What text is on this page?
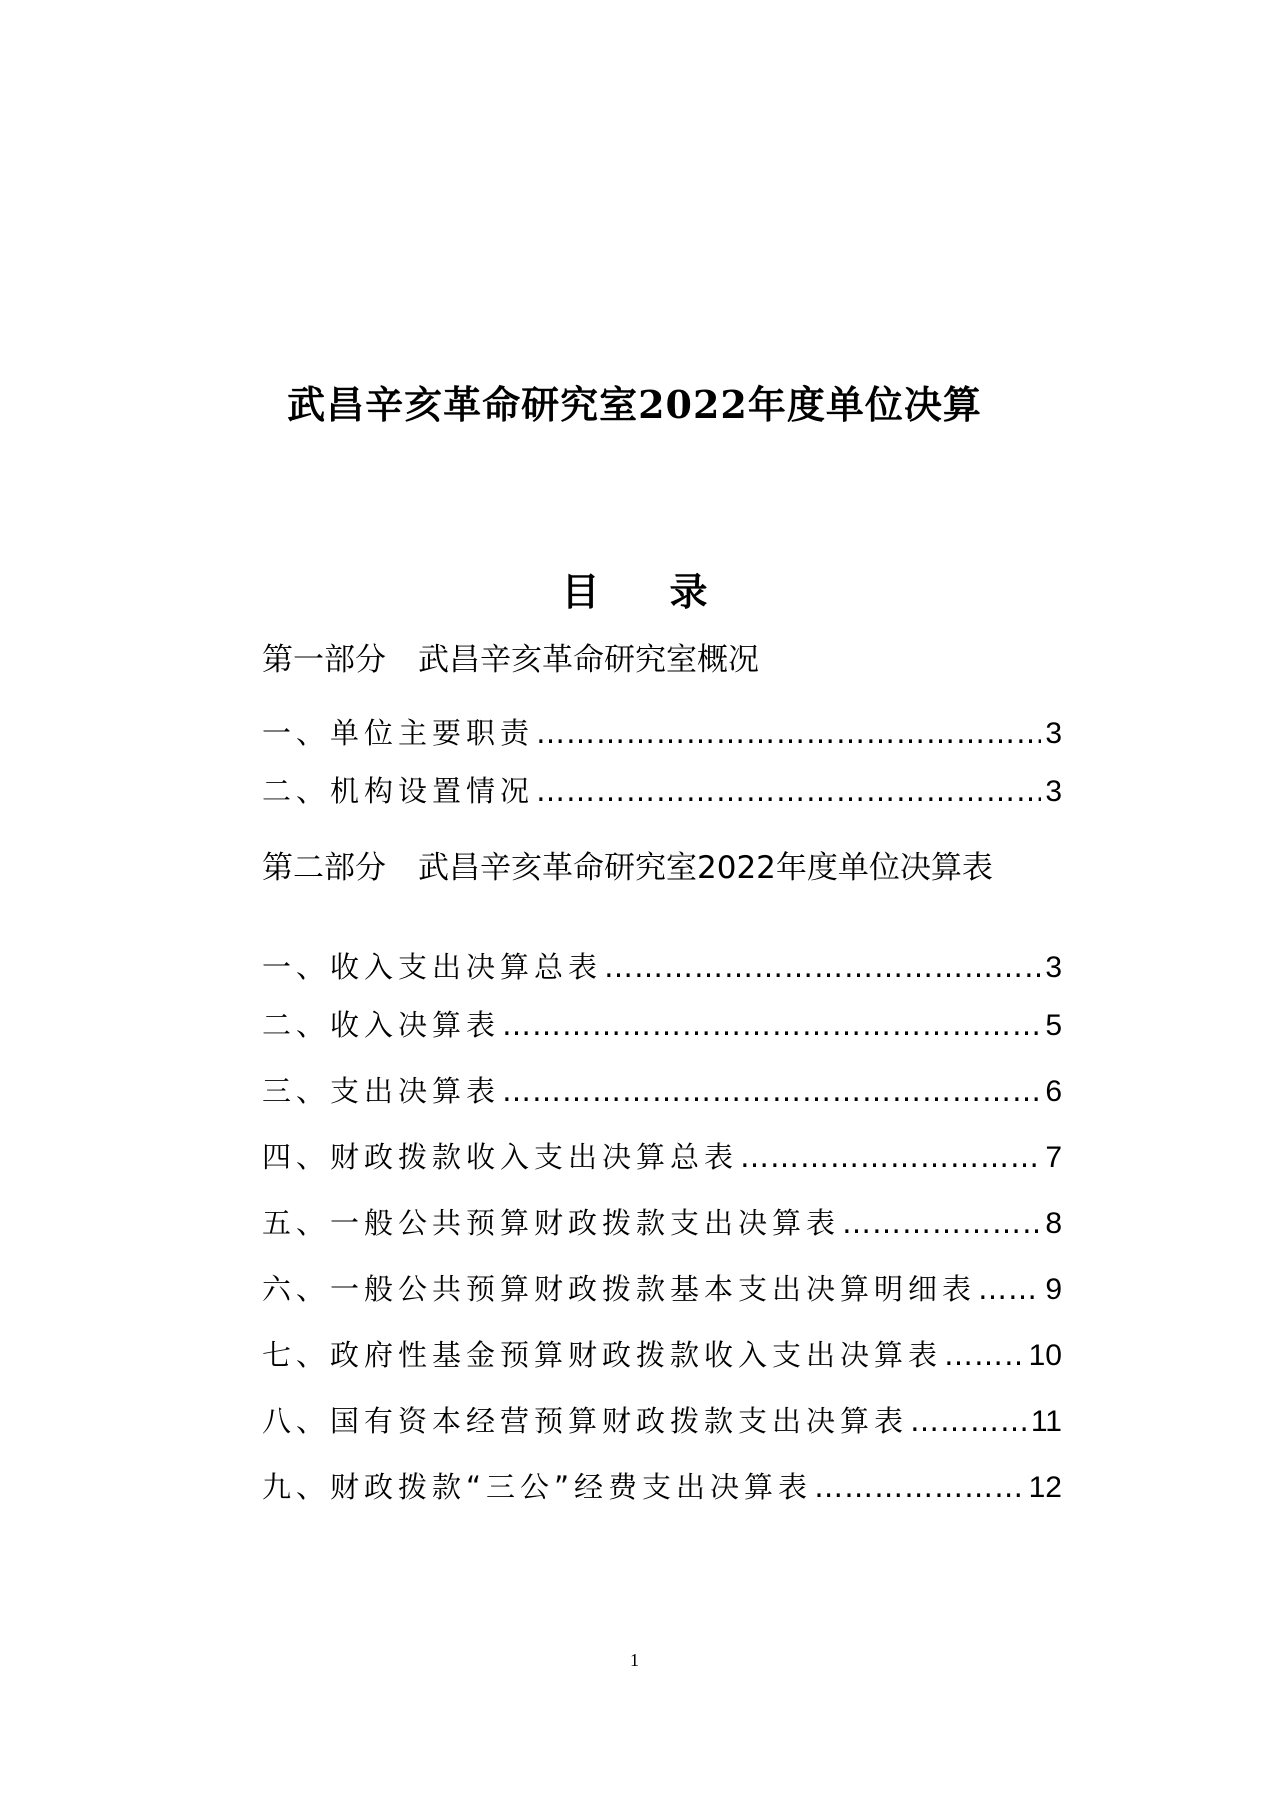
武昌辛亥革命研究室2022年度单位决算
目录
第一部分 武昌辛亥革命研究室概况
一、单位主要职责 ……………………………………………………………………………………………………………………………………	3
二、机构设置情况 ……………………………………………………………………………………………………………………………………	3
第二部分 武昌辛亥革命研究室2022年度单位决算表
一、收入支出决算总表 ……………………………………………………………………………………………………………………………………	3
二、收入决算表 ……………………………………………………………………………………………………………………………………	5
三、支出决算表 ……………………………………………………………………………………………………………………………………	6
四、财政拨款收入支出决算总表 ……………………………………………………………………………………………………………………………………	7
五、一般公共预算财政拨款支出决算表 ……………………………………………………………………………………………………………………………………	8
六、一般公共预算财政拨款基本支出决算明细表 …………………………………………………………………………………………………………………………………… 9
七、政府性基金预算财政拨款收入支出决算表 ……………………………………………………………………………………………………………………………………	10
八、国有资本经营预算财政拨款支出决算表 ……………………………………………………………………………………………………………………………………	11
九、财政拨款“三公”经费支出决算表 ……………………………………………………………………………………………………………………………………	12
1
